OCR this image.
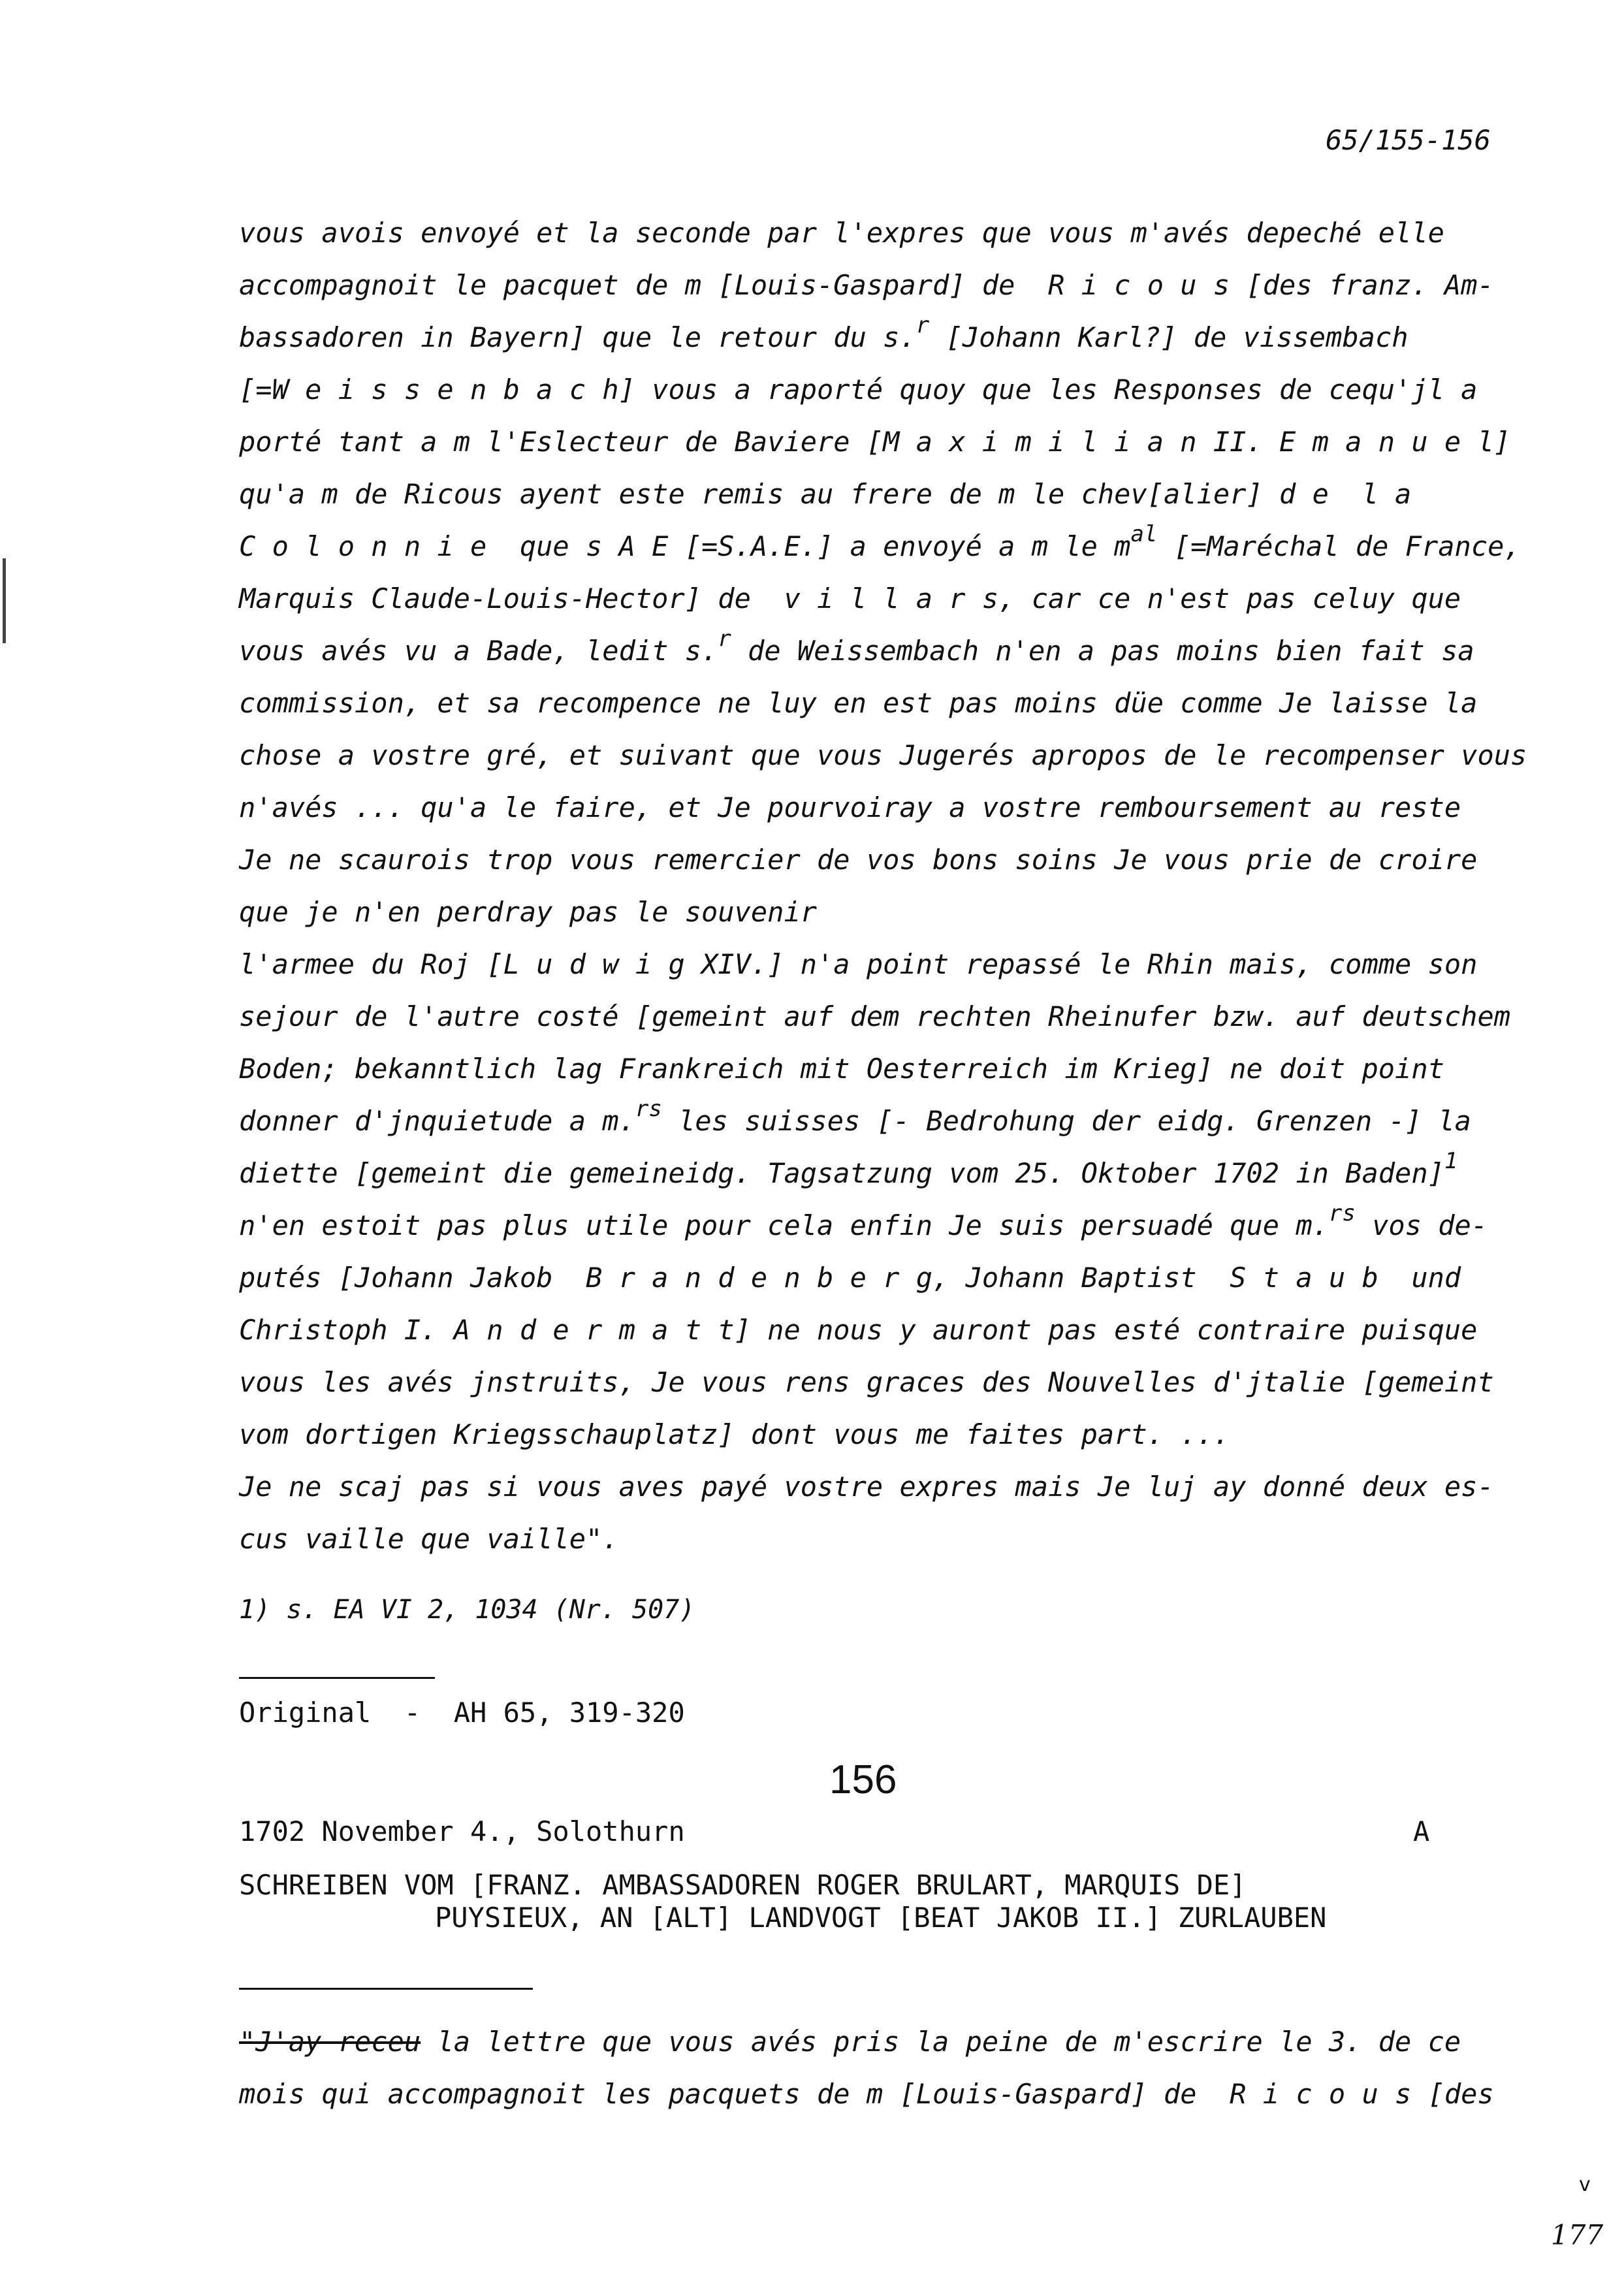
65/155-156
vous avois envoyé et la seconde par l'expres que vous m'avés depeché elle
accompagnoit le pacquet de m [Louis-Gaspard] de  R i c o u s [des franz. Am-
bassadoren in Bayern] que le retour du s.$^r$ [Johann Karl?] de vissembach
[=W e i s s e n b a c h] vous a raporté quoy que les Responses de cequ'jl a
porté tant a m l'Eslecteur de Baviere [M a x i m i l i a n II. E m a n u e l]
qu'a m de Ricous ayent este remis au frere de m le chev[alier] d e  l a
C o l o n n i e  que s A E [=S.A.E.] a envoyé a m le $m^{al}$ [=Maréchal de France,
Marquis Claude-Louis-Hector] de  v i l l a r s, car ce n'est pas celuy que
vous avés vu a Bade, ledit s.$^r$ de Weissembach n'en a pas moins bien fait sa
commission, et sa recompence ne luy en est pas moins düe comme Je laisse la
chose a vostre gré, et suivant que vous Jugerés apropos de le recompenser vous
n'avés ... qu'a le faire, et Je pourvoiray a vostre remboursement au reste
Je ne scaurois trop vous remercier de vos bons soins Je vous prie de croire
que je n'en perdray pas le souvenir
l'armee du Roj [L u d w i g XIV.] n'a point repassé le Rhin mais, comme son
sejour de l'autre costé [gemeint auf dem rechten Rheinufer bzw. auf deutschem
Boden; bekanntlich lag Frankreich mit Oesterreich im Krieg] ne doit point
donner d'jnquietude a m.$^{rs}$ les suisses [- Bedrohung der eidg. Grenzen -] la
diette [gemeint die gemeineidg. Tagsatzung vom 25. Oktober 1702 in Baden]$^1$
n'en estoit pas plus utile pour cela enfin Je suis persuadé que m.$^{rs}$ vos de-
putés [Johann Jakob  B r a n d e n b e r g, Johann Baptist  S t a u b  und
Christoph I. A n d e r m a t t] ne nous y auront pas esté contraire puisque
vous les avés jnstruits, Je vous rens graces des Nouvelles d'jtalie [gemeint
vom dortigen Kriegsschauplatz] dont vous me faites part. ...
Je ne scaj pas si vous aves payé vostre expres mais Je luj ay donné deux es-
cus vaille que vaille".
1) s. EA VI 2, 1034 (Nr. 507)
Original  -  AH 65, 319-320
156
1702 November 4., Solothurn	A
SCHREIBEN VOM [FRANZ. AMBASSADOREN ROGER BRULART, MARQUIS DE]
PUYSIEUX, AN [ALT] LANDVOGT [BEAT JAKOB II.] ZURLAUBEN
"J'ay receu la lettre que vous avés pris la peine de m'escrire le 3. de ce
mois qui accompagnoit les pacquets de m [Louis-Gaspard] de  R i c o u s [des
v
177
